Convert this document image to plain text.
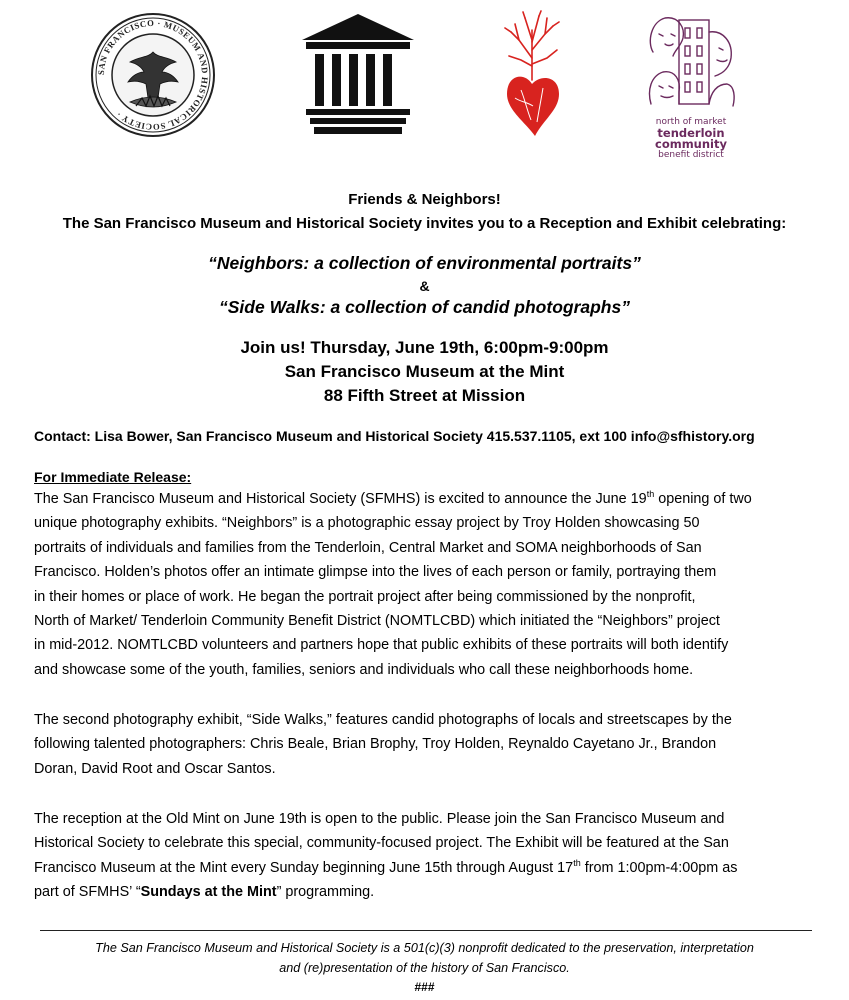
SAN FRANCISCO · MUSEUM AND HISTORICAL SOCIETY ·
north of market
tenderloin
community
benefit district
Friends & Neighbors!
The San Francisco Museum and Historical Society invites you to a Reception and Exhibit celebrating:
“Neighbors: a collection of environmental portraits”
&
“Side Walks: a collection of candid photographs”
Join us! Thursday, June 19th, 6:00pm-9:00pm
San Francisco Museum at the Mint
88 Fifth Street at Mission
Contact: Lisa Bower, San Francisco Museum and Historical Society 415.537.1105, ext 100 info@sfhistory.org
For Immediate Release:
The San Francisco Museum and Historical Society (SFMHS) is excited to announce the June 19th opening of two
unique photography exhibits. “Neighbors” is a photographic essay project by Troy Holden showcasing 50
portraits of individuals and families from the Tenderloin, Central Market and SOMA neighborhoods of San
Francisco. Holden’s photos offer an intimate glimpse into the lives of each person or family, portraying them
in their homes or place of work. He began the portrait project after being commissioned by the nonprofit,
North of Market/ Tenderloin Community Benefit District (NOMTLCBD) which initiated the “Neighbors” project
in mid-2012. NOMTLCBD volunteers and partners hope that public exhibits of these portraits will both identify
and showcase some of the youth, families, seniors and individuals who call these neighborhoods home.
The second photography exhibit, “Side Walks,” features candid photographs of locals and streetscapes by the
following talented photographers: Chris Beale, Brian Brophy, Troy Holden, Reynaldo Cayetano Jr., Brandon
Doran, David Root and Oscar Santos.
The reception at the Old Mint on June 19th is open to the public. Please join the San Francisco Museum and
Historical Society to celebrate this special, community-focused project. The Exhibit will be featured at the San
Francisco Museum at the Mint every Sunday beginning June 15th through August 17th from 1:00pm-4:00pm as
part of SFMHS’ “Sundays at the Mint” programming.
The San Francisco Museum and Historical Society is a 501(c)(3) nonprofit dedicated to the preservation, interpretation
and (re)presentation of the history of San Francisco.
###
